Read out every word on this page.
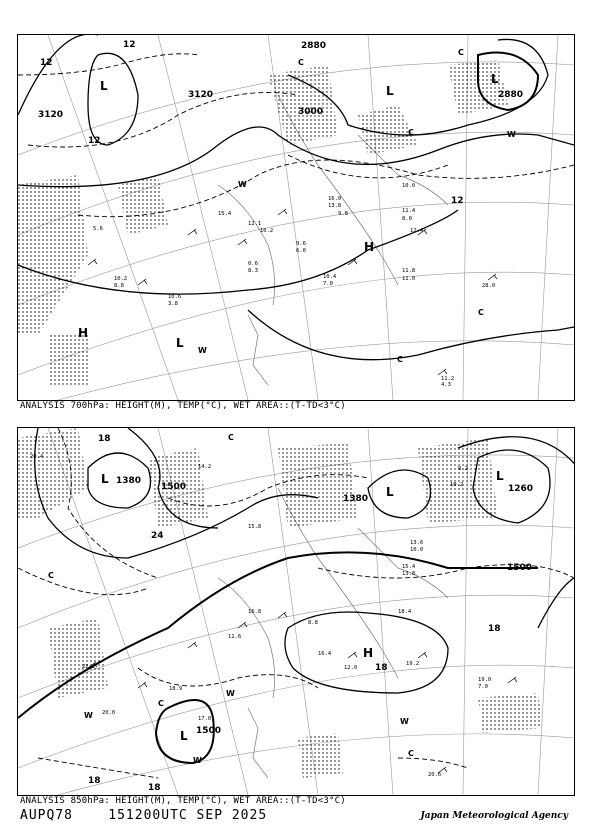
3120
3120
3000
2880
2880
12
12
12
12
L	L
L
H
H
L
W
W
W
C
C
C
C
C
15.4
12.1
10.2
9.8	11.4
10.0
8.0
12.4
28.0
11.2
4.3
10.4
7.0
10.6
3.8
11.8
11.0
9.6
6.0
10.2
8.8
5.6
16.0
13.8
0.6
8.3
ANALYSIS 700hPa: HEIGHT(M), TEMP(°C), WET AREA::(T-TD<3°C)
1380
1500
1380
1260
1500
1500
24
18
18
18
18
18
L
L
L
H
L
W
W
W
W
C
C
C
C
20.4
15.8
13.6
10.0
18.4
19.0
7.0
19.2
20.6
16.4
18.9
17.0
20.0
22.2
14.2
12.0
16.8
15.4
13.8
9.2
11.6
8.8
10.2
ANALYSIS 850hPa: HEIGHT(M), TEMP(°C), WET AREA::(T-TD<3°C)
AUPQ78	151200UTC SEP 2025	Japan Meteorological Agency
